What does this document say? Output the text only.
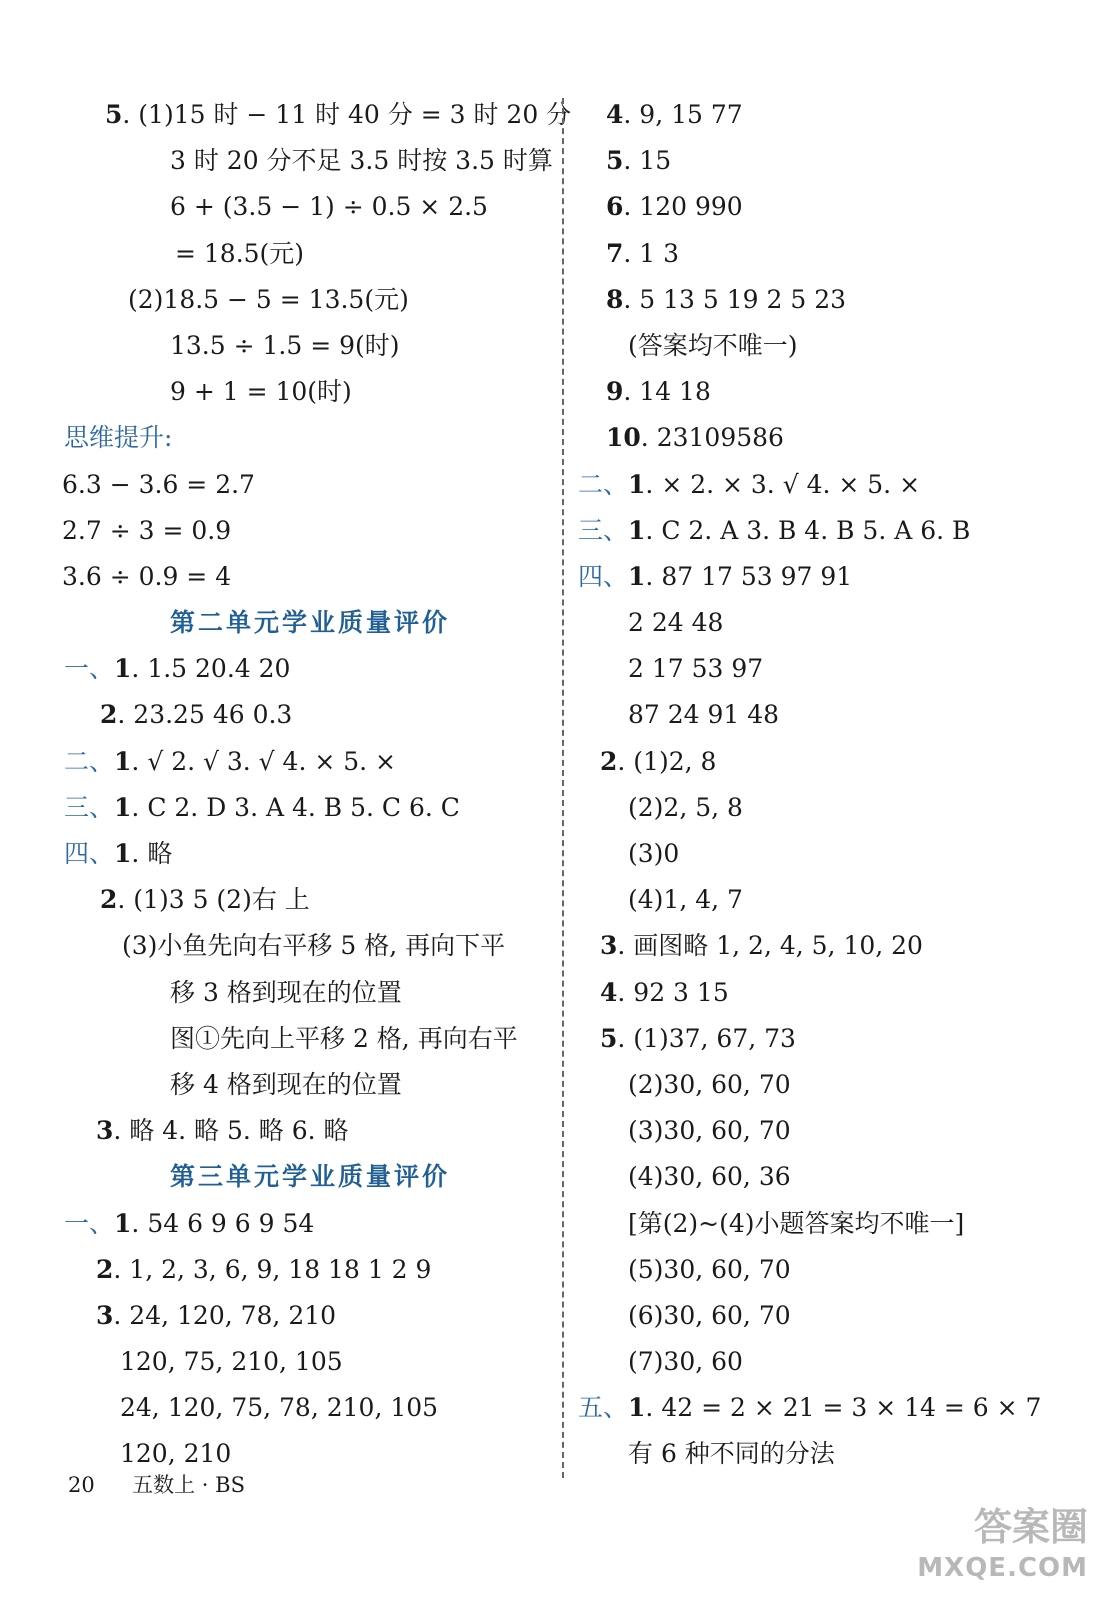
5. (1)15 时 − 11 时 40 分 = 3 时 20 分
3 时 20 分不足 3.5 时按 3.5 时算
6 + (3.5 − 1) ÷ 0.5 × 2.5
= 18.5(元)
(2)18.5 − 5 = 13.5(元)
13.5 ÷ 1.5 = 9(时)
9 + 1 = 10(时)
思维提升:
6.3 − 3.6 = 2.7
2.7 ÷ 3 = 0.9
3.6 ÷ 0.9 = 4
第二单元学业质量评价
一、1. 1.5 20.4 20
2. 23.25 46 0.3
二、1. √ 2. √ 3. √ 4. × 5. ×
三、1. C 2. D 3. A 4. B 5. C 6. C
四、1. 略
2. (1)3 5 (2)右 上
(3)小鱼先向右平移 5 格, 再向下平
移 3 格到现在的位置
图①先向上平移 2 格, 再向右平
移 4 格到现在的位置
3. 略 4. 略 5. 略 6. 略
第三单元学业质量评价
一、1. 54 6 9 6 9 54
2. 1, 2, 3, 6, 9, 18 18 1 2 9
3. 24, 120, 78, 210
120, 75, 210, 105
24, 120, 75, 78, 210, 105
120, 210
4. 9, 15 77
5. 15
6. 120 990
7. 1 3
8. 5 13 5 19 2 5 23
(答案均不唯一)
9. 14 18
10. 23109586
二、1. × 2. × 3. √ 4. × 5. ×
三、1. C 2. A 3. B 4. B 5. A 6. B
四、1. 87 17 53 97 91
2 24 48
2 17 53 97
87 24 91 48
2. (1)2, 8
(2)2, 5, 8
(3)0
(4)1, 4, 7
3. 画图略 1, 2, 4, 5, 10, 20
4. 92 3 15
5. (1)37, 67, 73
(2)30, 60, 70
(3)30, 60, 70
(4)30, 60, 36
[第(2)~(4)小题答案均不唯一]
(5)30, 60, 70
(6)30, 60, 70
(7)30, 60
五、1. 42 = 2 × 21 = 3 × 14 = 6 × 7
有 6 种不同的分法
20 五数上 · BS
答案圈
MXQE.COM
